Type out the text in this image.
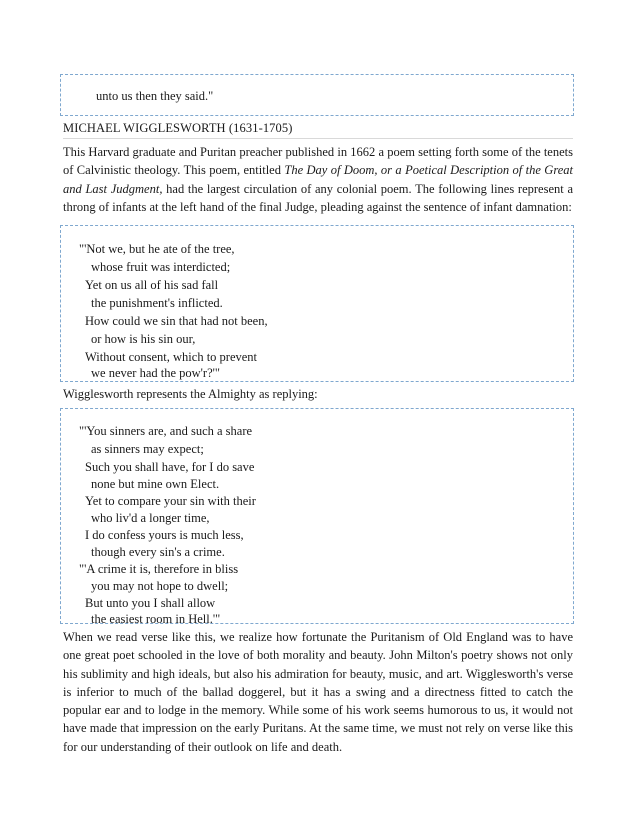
unto us then they said."
MICHAEL WIGGLESWORTH (1631-1705)
This Harvard graduate and Puritan preacher published in 1662 a poem setting forth some of the tenets of Calvinistic theology. This poem, entitled The Day of Doom, or a Poetical Description of the Great and Last Judgment, had the largest circulation of any colonial poem. The following lines represent a throng of infants at the left hand of the final Judge, pleading against the sentence of infant damnation:
"'Not we, but he ate of the tree,
whose fruit was interdicted;
Yet on us all of his sad fall
the punishment's inflicted.
How could we sin that had not been,
or how is his sin our,
Without consent, which to prevent
we never had the pow'r?'"
Wigglesworth represents the Almighty as replying:
"'You sinners are, and such a share
as sinners may expect;
Such you shall have, for I do save
none but mine own Elect.
Yet to compare your sin with their
who liv'd a longer time,
I do confess yours is much less,
though every sin's a crime.
"'A crime it is, therefore in bliss
you may not hope to dwell;
But unto you I shall allow
the easiest room in Hell.'"
When we read verse like this, we realize how fortunate the Puritanism of Old England was to have one great poet schooled in the love of both morality and beauty. John Milton's poetry shows not only his sublimity and high ideals, but also his admiration for beauty, music, and art. Wigglesworth's verse is inferior to much of the ballad doggerel, but it has a swing and a directness fitted to catch the popular ear and to lodge in the memory. While some of his work seems humorous to us, it would not have made that impression on the early Puritans. At the same time, we must not rely on verse like this for our understanding of their outlook on life and death.
